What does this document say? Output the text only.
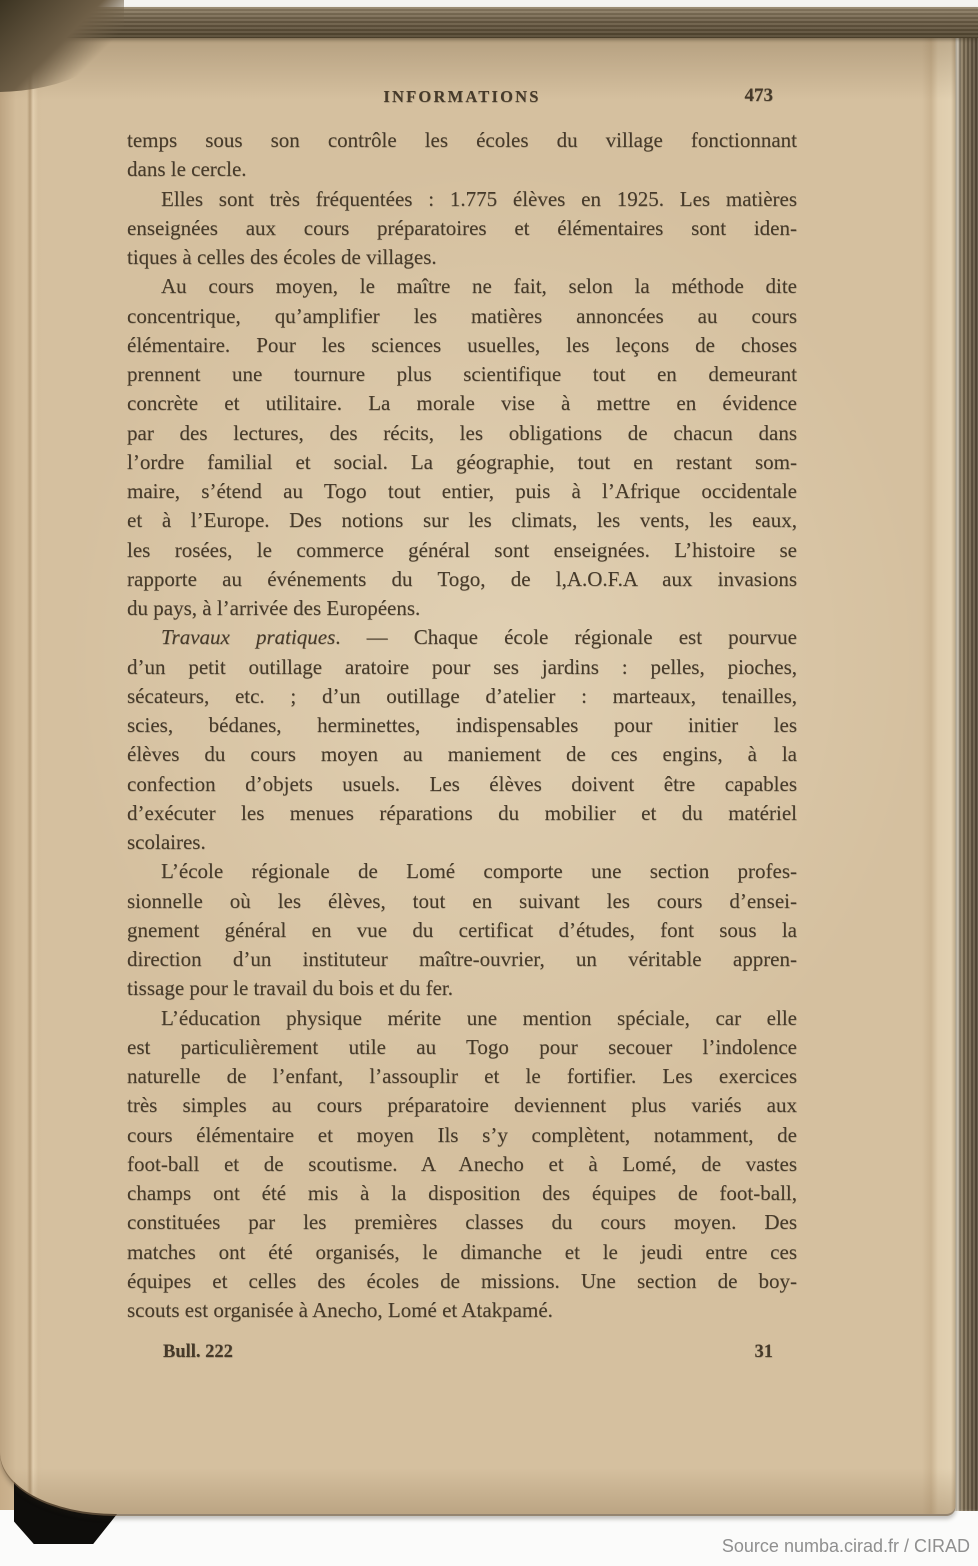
INFORMATIONS	473
temps sous son contrôle les écoles du village fonctionnant
dans le cercle.
Elles sont très fréquentées : 1.775 élèves en 1925. Les matières
enseignées aux cours préparatoires et élémentaires sont iden-
tiques à celles des écoles de villages.
Au cours moyen, le maître ne fait, selon la méthode dite
concentrique, qu’amplifier les matières annoncées au cours
élémentaire. Pour les sciences usuelles, les leçons de choses
prennent une tournure plus scientifique tout en demeurant
concrète et utilitaire. La morale vise à mettre en évidence
par des lectures, des récits, les obligations de chacun dans
l’ordre familial et social. La géographie, tout en restant som-
maire, s’étend au Togo tout entier, puis à l’Afrique occidentale
et à l’Europe. Des notions sur les climats, les vents, les eaux,
les rosées, le commerce général sont enseignées. L’histoire se
rapporte au événements du Togo, de l,A.O.F.A aux invasions
du pays, à l’arrivée des Européens.
Travaux pratiques. — Chaque école régionale est pourvue
d’un petit outillage aratoire pour ses jardins : pelles, pioches,
sécateurs, etc. ; d’un outillage d’atelier : marteaux, tenailles,
scies, bédanes, herminettes, indispensables pour initier les
élèves du cours moyen au maniement de ces engins, à la
confection d’objets usuels. Les élèves doivent être capables
d’exécuter les menues réparations du mobilier et du matériel
scolaires.
L’école régionale de Lomé comporte une section profes-
sionnelle où les élèves, tout en suivant les cours d’ensei-
gnement général en vue du certificat d’études, font sous la
direction d’un instituteur maître-ouvrier, un véritable appren-
tissage pour le travail du bois et du fer.
L’éducation physique mérite une mention spéciale, car elle
est particulièrement utile au Togo pour secouer l’indolence
naturelle de l’enfant, l’assouplir et le fortifier. Les exercices
très simples au cours préparatoire deviennent plus variés aux
cours élémentaire et moyen Ils s’y complètent, notamment, de
foot-ball et de scoutisme. A Anecho et à Lomé, de vastes
champs ont été mis à la disposition des équipes de foot-ball,
constituées par les premières classes du cours moyen. Des
matches ont été organisés, le dimanche et le jeudi entre ces
équipes et celles des écoles de missions. Une section de boy-
scouts est organisée à Anecho, Lomé et Atakpamé.
Bull. 222	31
Source numba.cirad.fr / CIRAD
